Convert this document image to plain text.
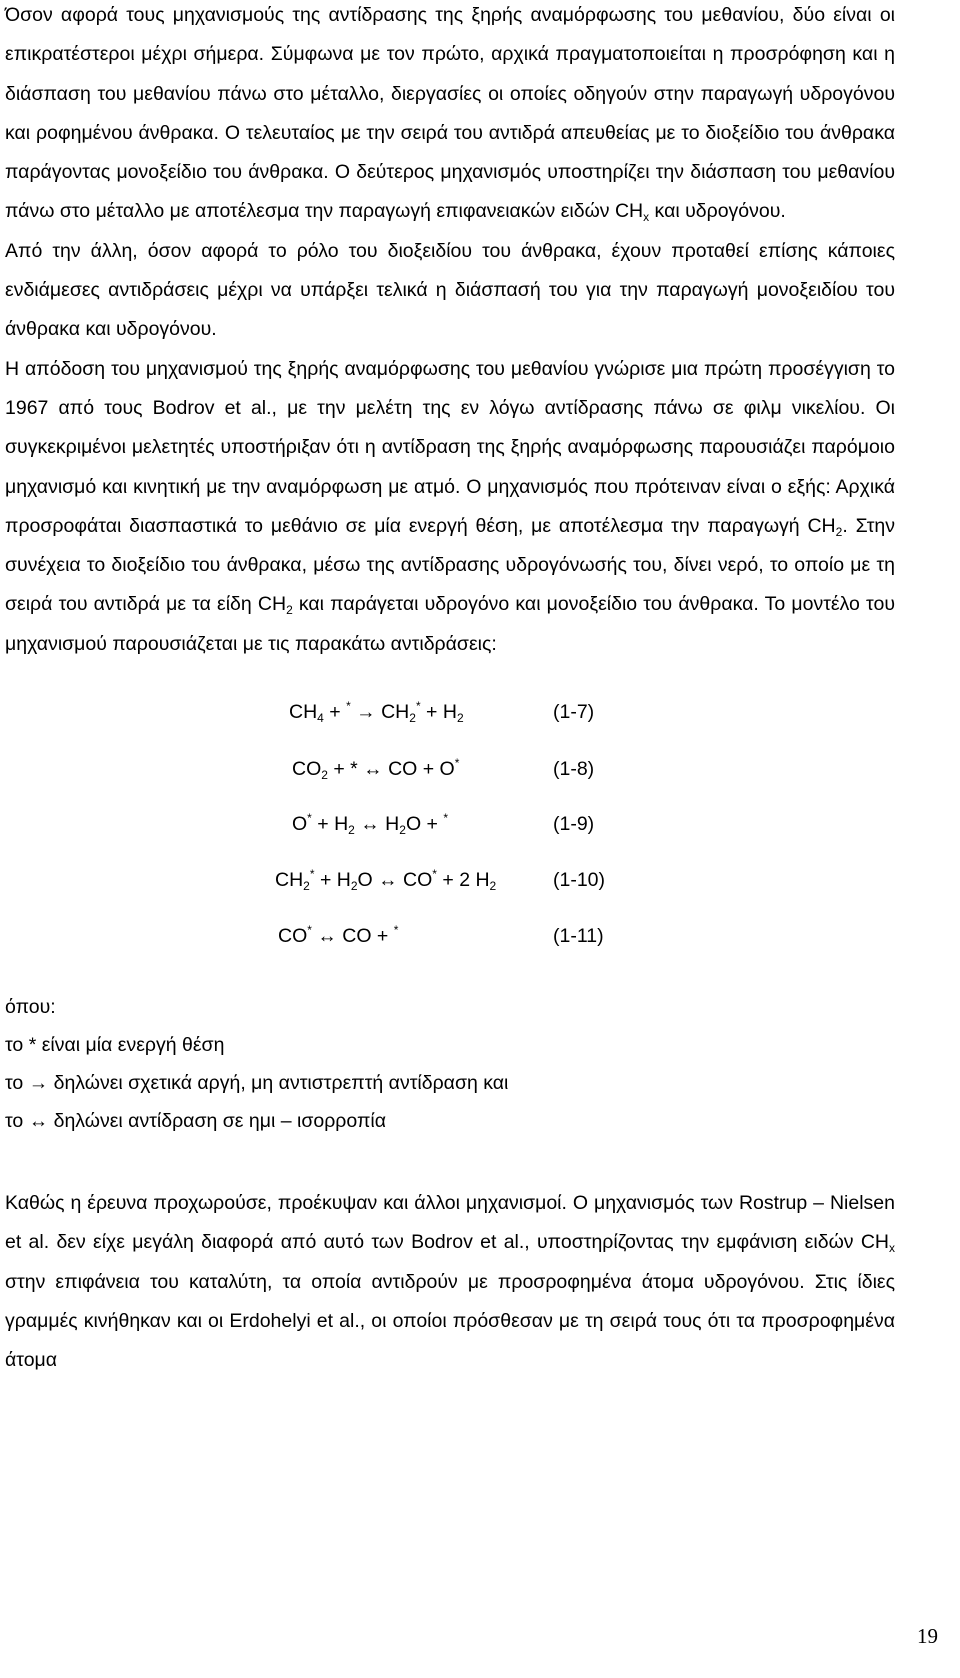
Όσον αφορά τους μηχανισμούς της αντίδρασης της ξηρής αναμόρφωσης του μεθανίου, δύο είναι οι επικρατέστεροι μέχρι σήμερα. Σύμφωνα με τον πρώτο, αρχικά πραγματοποιείται η προσρόφηση και η διάσπαση του μεθανίου πάνω στο μέταλλο, διεργασίες οι οποίες οδηγούν στην παραγωγή υδρογόνου και ροφημένου άνθρακα. Ο τελευταίος με την σειρά του αντιδρά απευθείας με το διοξείδιο του άνθρακα παράγοντας μονοξείδιο του άνθρακα. Ο δεύτερος μηχανισμός υποστηρίζει την διάσπαση του μεθανίου πάνω στο μέταλλο με αποτέλεσμα την παραγωγή επιφανειακών ειδών $CH_x$ και υδρογόνου.

Από την άλλη, όσον αφορά το ρόλο του διοξειδίου του άνθρακα, έχουν προταθεί επίσης κάποιες ενδιάμεσες αντιδράσεις μέχρι να υπάρξει τελικά η διάσπασή του για την παραγωγή μονοξειδίου του άνθρακα και υδρογόνου.

Η απόδοση του μηχανισμού της ξηρής αναμόρφωσης του μεθανίου γνώρισε μια πρώτη προσέγγιση το 1967 από τους Bodrov et al., με την μελέτη της εν λόγω αντίδρασης πάνω σε φιλμ νικελίου. Οι συγκεκριμένοι μελετητές υποστήριξαν ότι η αντίδραση της ξηρής αναμόρφωσης παρουσιάζει παρόμοιο μηχανισμό και κινητική με την αναμόρφωση με ατμό. Ο μηχανισμός που πρότειναν είναι ο εξής: Αρχικά προσροφάται διασπαστικά το μεθάνιο σε μία ενεργή θέση, με αποτέλεσμα την παραγωγή $CH_2$. Στην συνέχεια το διοξείδιο του άνθρακα, μέσω της αντίδρασης υδρογόνωσής του, δίνει νερό, το οποίο με τη σειρά του αντιδρά με τα είδη $CH_2$ και παράγεται υδρογόνο και μονοξείδιο του άνθρακα. Το μοντέλο του μηχανισμού παρουσιάζεται με τις παρακάτω αντιδράσεις:

$CH_4 + ^* \to CH_2^* + H_2$	(1-7)
$CO_2$ + * ↔ CO + O*	(1-8)
$O^* + H_2$ ↔ $H_2O + ^*$	(1-9)
$CH_2^* + H_2O$ ↔ CO* + 2 $H_2$	(1-10)
CO* ↔ CO + *	(1-11)
όπου:
το * είναι μία ενεργή θέση
το → δηλώνει σχετικά αργή, μη αντιστρεπτή αντίδραση και
το ↔ δηλώνει αντίδραση σε ημι – ισορροπία

Καθώς η έρευνα προχωρούσε, προέκυψαν και άλλοι μηχανισμοί. Ο μηχανισμός των Rostrup – Nielsen et al. δεν είχε μεγάλη διαφορά από αυτό των Bodrov et al., υποστηρίζοντας την εμφάνιση ειδών $CH_x$ στην επιφάνεια του καταλύτη, τα οποία αντιδρούν με προσροφημένα άτομα υδρογόνου. Στις ίδιες γραμμές κινήθηκαν και οι Erdohelyi et al., οι οποίοι πρόσθεσαν με τη σειρά τους ότι τα προσροφημένα άτομα

19
